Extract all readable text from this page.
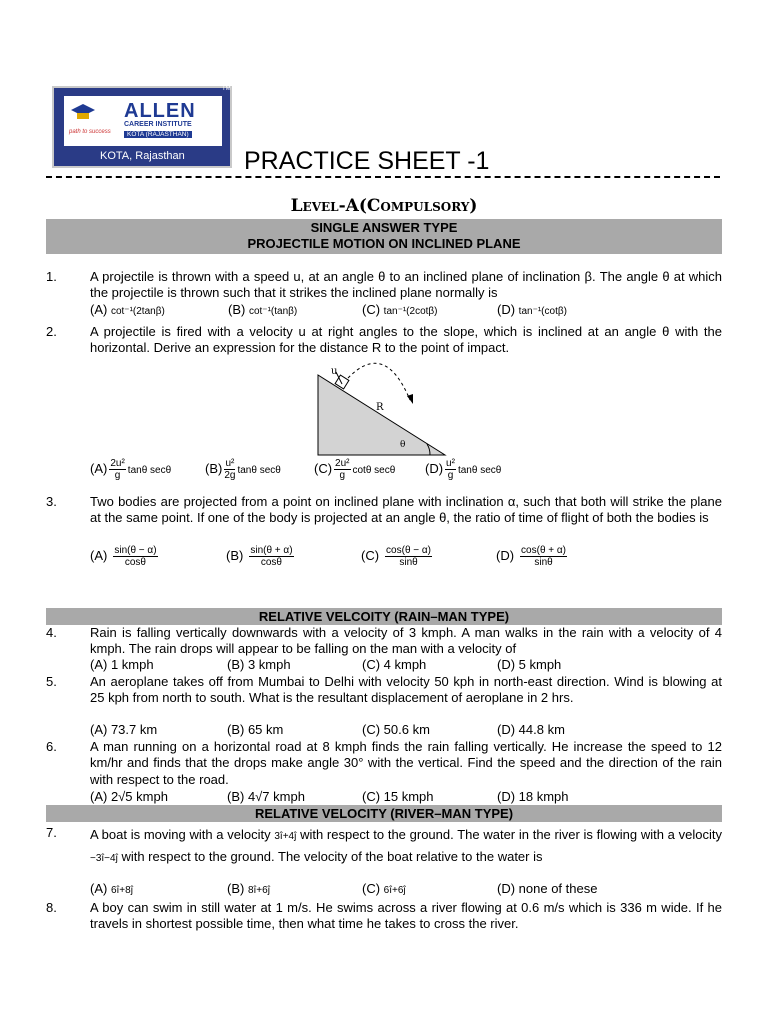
path to success
ALLEN
CAREER INSTITUTE
KOTA (RAJASTHAN)
TM
KOTA, Rajasthan PRACTICE SHEET -1
Level-A(Compulsory)
SINGLE ANSWER TYPE
PROJECTILE MOTION ON INCLINED PLANE
1.	A projectile is thrown with a speed u, at an angle θ to an inclined plane of inclination β. The angle θ at which the projectile is thrown such that it strikes the inclined plane normally is
(A) cot⁻¹(2tanβ)	(B) cot⁻¹(tanβ)	(C) tan⁻¹(2cotβ)	(D) tan⁻¹(cotβ)
2.	A projectile is fired with a velocity u at right angles to the slope, which is inclined at an angle θ with the horizontal. Derive an expression for the distance R to the point of impact.
u
R
θ
$(A) \frac{\text{2u²}}{g}$ tanθ secθ	$(B) \frac{\text{u²}}{2g}$ tanθ secθ	$(C) \frac{\text{2u²}}{g}$ cotθ secθ $(D) \frac{\text{u²}}{g}$ tanθ secθ
3.	Two bodies are projected from a point on inclined plane with inclination α, such that both will strike the plane at the same point. If one of the body is projected at an angle θ, the ratio of time of flight of both the bodies is
$(A) \frac{\sin(\theta - \alpha)}{\cos\theta}$	$(B) \frac{\sin(\theta + \alpha)}{\cos\theta}$	$(C) \frac{\cos(\theta - \alpha)}{\sin\theta}$	$(D) \frac{\cos(\theta + \alpha)}{\sin\theta}$
RELATIVE VELCOITY (RAIN–MAN TYPE)
4.	Rain is falling vertically downwards with a velocity of 3 kmph. A man walks in the rain with a velocity of 4 kmph. The rain drops will appear to be falling on the man with a velocity of
(A) 1 kmph	(B) 3 kmph	(C) 4 kmph	(D) 5 kmph
5.	An aeroplane takes off from Mumbai to Delhi with velocity 50 kph in north-east direction. Wind is blowing at 25 kph from north to south. What is the resultant displacement of aeroplane in 2 hrs.
(A) 73.7 km	(B) 65 km	(C) 50.6 km	(D) 44.8 km
6.	A man running on a horizontal road at 8 kmph finds the rain falling vertically. He increase the speed to 12 km/hr and finds that the drops make angle 30° with the vertical. Find the speed and the direction of the rain with respect to the road.
(A) 2√5 kmph	(B) 4√7 kmph	(C) 15 kmph	(D) 18 kmph
RELATIVE VELOCITY (RIVER–MAN TYPE)
7.	A boat is moving with a velocity 3î+4ĵ with respect to the ground. The water in the river is flowing with a velocity −3î−4ĵ with respect to the ground. The velocity of the boat relative to the water is
(A) 6î+8ĵ	(B) 8î+6ĵ	(C) 6î+6ĵ	(D) none of these
8.	A boy can swim in still water at 1 m/s. He swims across a river flowing at 0.6 m/s which is 336 m wide. If he travels in shortest possible time, then what time he takes to cross the river.
